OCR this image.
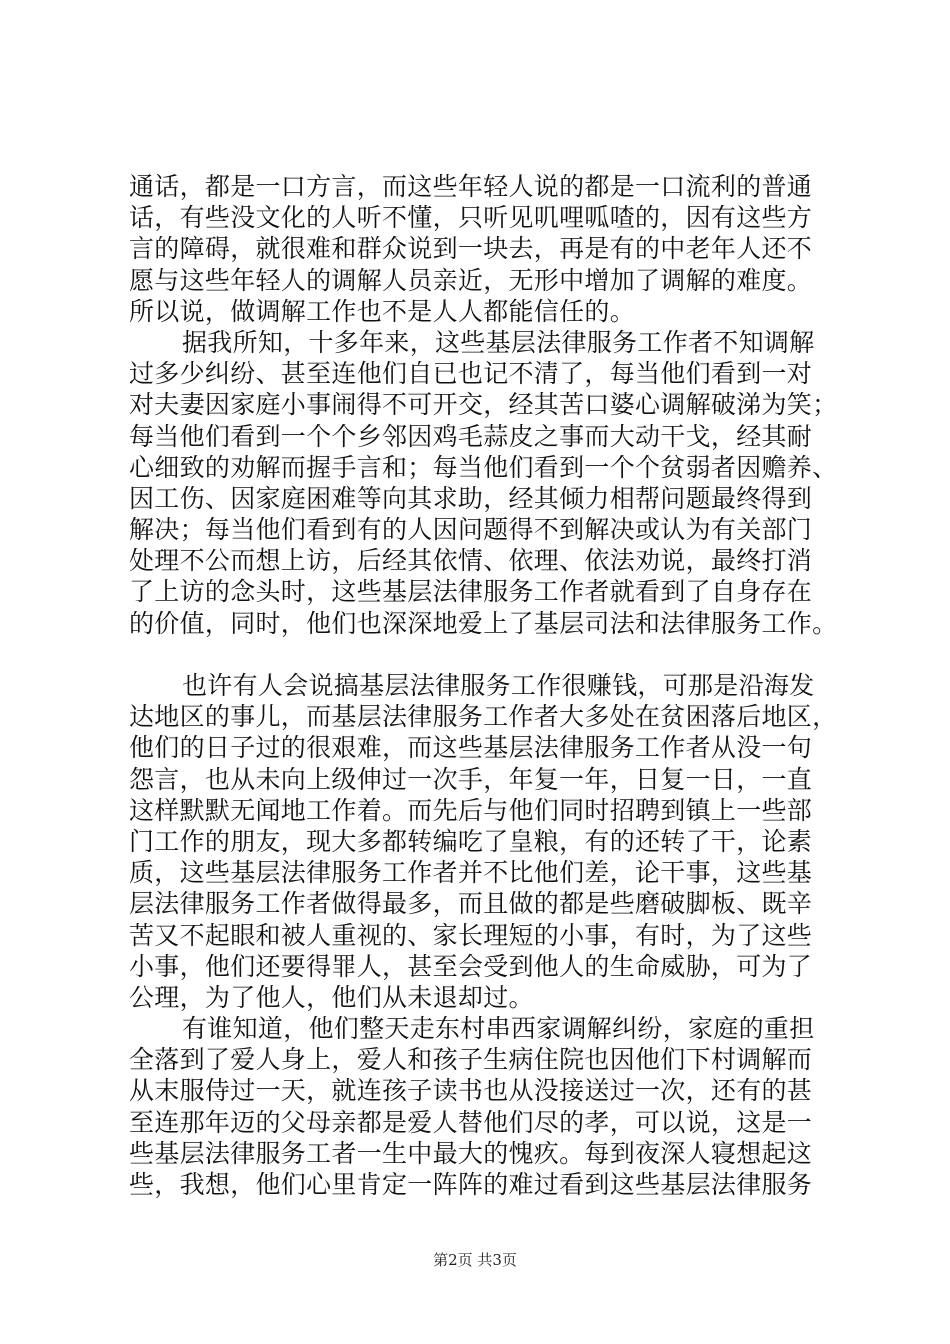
通话，都是一口方言，而这些年轻人说的都是一口流利的普通
话，有些没文化的人听不懂，只听见叽哩呱喳的，因有这些方
言的障碍，就很难和群众说到一块去，再是有的中老年人还不
愿与这些年轻人的调解人员亲近，无形中增加了调解的难度。
所以说，做调解工作也不是人人都能信任的。
据我所知，十多年来，这些基层法律服务工作者不知调解
过多少纠纷、甚至连他们自已也记不清了，每当他们看到一对
对夫妻因家庭小事闹得不可开交，经其苦口婆心调解破涕为笑；
每当他们看到一个个乡邻因鸡毛蒜皮之事而大动干戈，经其耐
心细致的劝解而握手言和；每当他们看到一个个贫弱者因赡养、
因工伤、因家庭困难等向其求助，经其倾力相帮问题最终得到
解决；每当他们看到有的人因问题得不到解决或认为有关部门
处理不公而想上访，后经其依情、依理、依法劝说，最终打消
了上访的念头时，这些基层法律服务工作者就看到了自身存在
的价值，同时，他们也深深地爱上了基层司法和法律服务工作。
也许有人会说搞基层法律服务工作很赚钱，可那是沿海发
达地区的事儿，而基层法律服务工作者大多处在贫困落后地区，
他们的日子过的很艰难，而这些基层法律服务工作者从没一句
怨言，也从未向上级伸过一次手，年复一年，日复一日，一直
这样默默无闻地工作着。而先后与他们同时招聘到镇上一些部
门工作的朋友，现大多都转编吃了皇粮，有的还转了干，论素
质，这些基层法律服务工作者并不比他们差，论干事，这些基
层法律服务工作者做得最多，而且做的都是些磨破脚板、既辛
苦又不起眼和被人重视的、家长理短的小事，有时，为了这些
小事，他们还要得罪人，甚至会受到他人的生命威胁，可为了
公理，为了他人，他们从未退却过。
有谁知道，他们整天走东村串西家调解纠纷，家庭的重担
全落到了爱人身上，爱人和孩子生病住院也因他们下村调解而
从末服侍过一天，就连孩子读书也从没接送过一次，还有的甚
至连那年迈的父母亲都是爱人替他们尽的孝，可以说，这是一
些基层法律服务工者一生中最大的愧疚。每到夜深人寝想起这
些，我想，他们心里肯定一阵阵的难过看到这些基层法律服务
第2页 共3页
